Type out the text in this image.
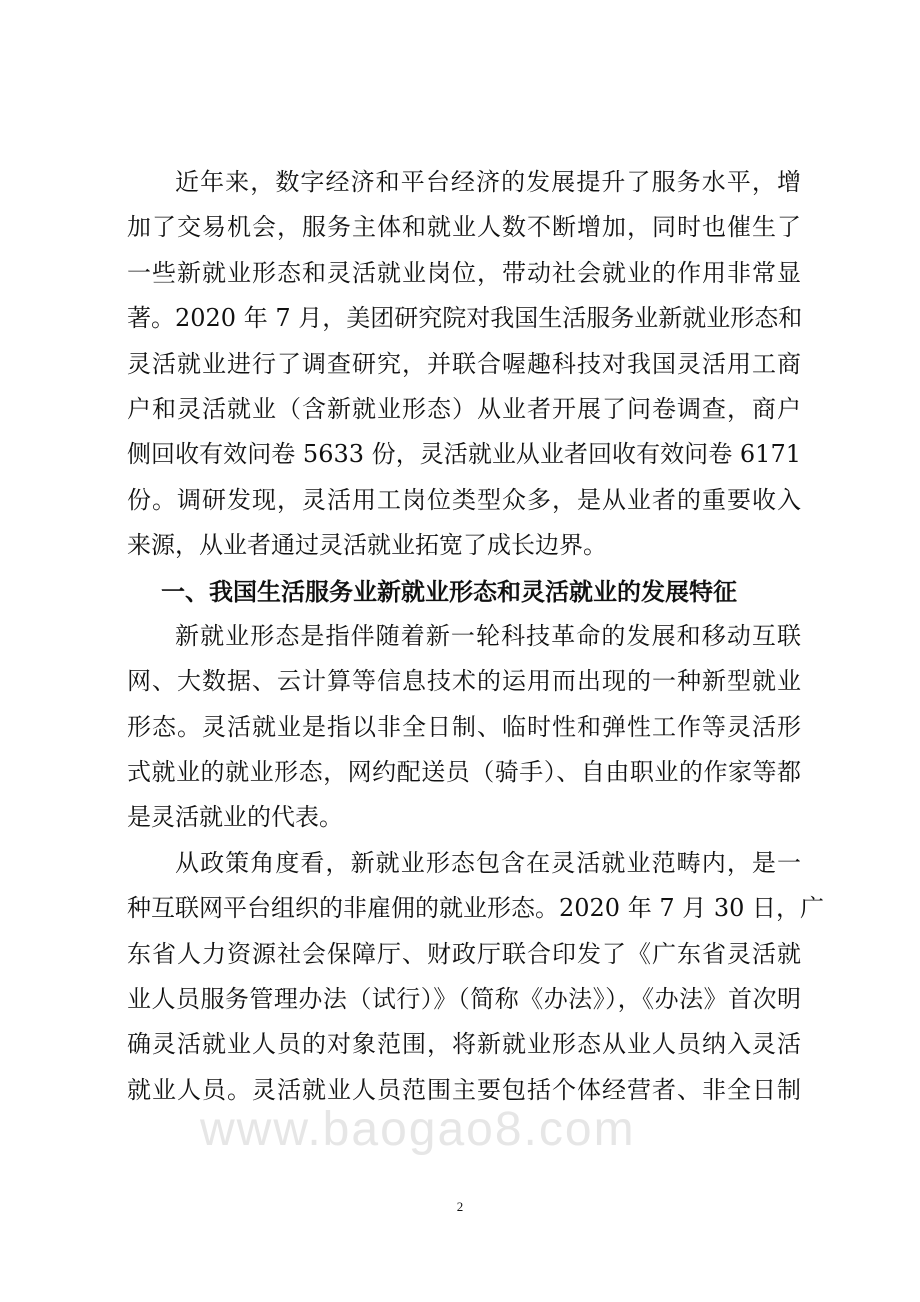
www.baogao8.com
近年来，数字经济和平台经济的发展提升了服务水平，增
加了交易机会，服务主体和就业人数不断增加，同时也催生了
一些新就业形态和灵活就业岗位，带动社会就业的作用非常显
著。2020 年 7 月，美团研究院对我国生活服务业新就业形态和
灵活就业进行了调查研究，并联合喔趣科技对我国灵活用工商
户和灵活就业（含新就业形态）从业者开展了问卷调查，商户
侧回收有效问卷 5633 份，灵活就业从业者回收有效问卷 6171
份。调研发现，灵活用工岗位类型众多，是从业者的重要收入
来源，从业者通过灵活就业拓宽了成长边界。
一、我国生活服务业新就业形态和灵活就业的发展特征
新就业形态是指伴随着新一轮科技革命的发展和移动互联
网、大数据、云计算等信息技术的运用而出现的一种新型就业
形态。灵活就业是指以非全日制、临时性和弹性工作等灵活形
式就业的就业形态，网约配送员（骑手）、自由职业的作家等都
是灵活就业的代表。
从政策角度看，新就业形态包含在灵活就业范畴内，是一
种互联网平台组织的非雇佣的就业形态。2020 年 7 月 30 日，广
东省人力资源社会保障厅、财政厅联合印发了《广东省灵活就
业人员服务管理办法（试行）》（简称《办法》），《办法》首次明
确灵活就业人员的对象范围，将新就业形态从业人员纳入灵活
就业人员。灵活就业人员范围主要包括个体经营者、非全日制
2
